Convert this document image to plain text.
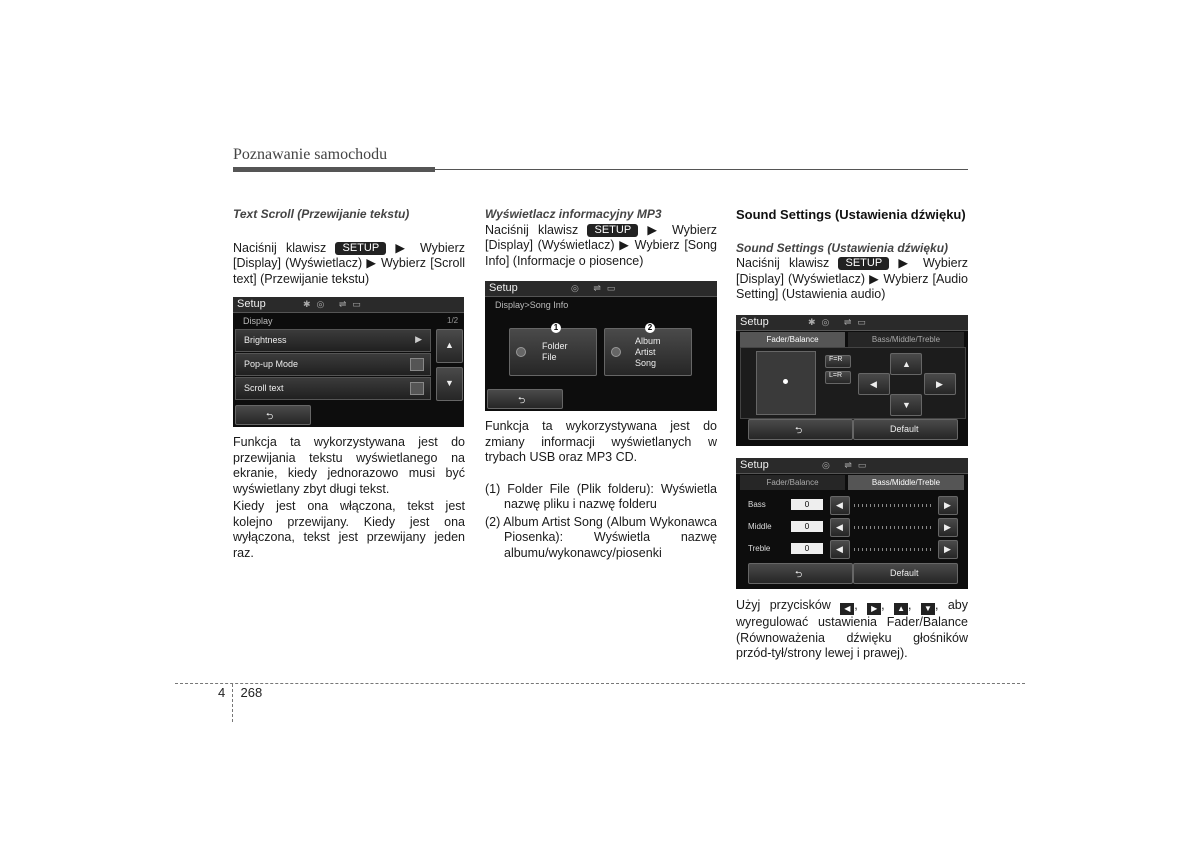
Poznawanie samochodu
Text Scroll (Przewijanie tekstu)
Naciśnij klawisz SETUP ▶ Wybierz [Display] (Wyświetlacz) ▶ Wybierz [Scroll text] (Przewijanie tekstu)
Setup	✱◎ ⇌▭
Display	1/2
Brightness	▶
Pop-up Mode
Scroll text
▲
▼
⮌
Funkcja ta wykorzystywana jest do przewijania tekstu wyświetlanego na ekranie, kiedy jednorazowo musi być wyświetlany zbyt długi tekst.
Kiedy jest ona włączona, tekst jest kolejno przewijany. Kiedy jest ona wyłączona, tekst jest przewijany jeden raz.
Wyświetlacz informacyjny MP3
Naciśnij klawisz SETUP ▶ Wybierz [Display] (Wyświetlacz) ▶ Wybierz [Song Info] (Informacje o piosence)
Setup	◎ ⇌▭
Display>Song Info
Folder
File
1
Album
Artist
Song
2
⮌
Funkcja ta wykorzystywana jest do zmiany informacji wyświetlanych w trybach USB oraz MP3 CD.
(1) Folder File (Plik folderu): Wyświetla nazwę pliku i nazwę folderu
(2) Album Artist Song (Album Wykonawca Piosenka): Wyświetla nazwę albumu/wykonawcy/piosenki
Sound Settings (Ustawienia dźwięku)
Sound Settings (Ustawienia dźwięku)
Naciśnij klawisz SETUP ▶ Wybierz [Display] (Wyświetlacz) ▶ Wybierz [Audio Setting] (Ustawienia audio)
Setup	✱◎ ⇌▭
Fader/Balance	Bass/Middle/Treble
F=R
L=R
▲
◀	▶
▼
⮌	Default
Setup	◎ ⇌▭
Fader/Balance	Bass/Middle/Treble
Bass	0	◀	▶
Middle	0	◀	▶
Treble	0	◀	▶
⮌	Default
Użyj przycisków ◀ , ▶ , ▲ , ▼ , aby wyregulować ustawienia Fader/Balance (Równoważenia dźwięku głośników przód-tył/strony lewej i prawej).
4 268
